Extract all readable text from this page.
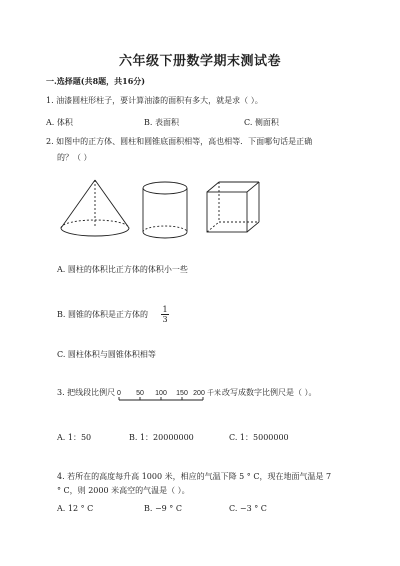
六年级下册数学期末测试卷
一.选择题(共8题，共16分)
1. 油漆圆柱形柱子，要计算油漆的面积有多大，就是求（ ）。
A. 体积	B. 表面积	C. 侧面积
2. 如图中的正方体、圆柱和圆锥底面积相等，高也相等．下面哪句话是正确
的？（ ）
A. 圆柱的体积比正方体的体积小一些
B. 圆锥的体积是正方体的
1
3
C. 圆柱体积与圆锥体积相等
3. 把线段比例尺 0 50 100 150 200 千米 改写成数字比例尺是（ ）。
A. 1：50	B. 1：20000000	C. 1：5000000
4. 若所在的高度每升高 1000 米，相应的气温下降 5 ° C，现在地面气温是 7
° C，则 2000 米高空的气温是（ ）。
A. 12 ° C	B. −9 ° C	C. −3 ° C
